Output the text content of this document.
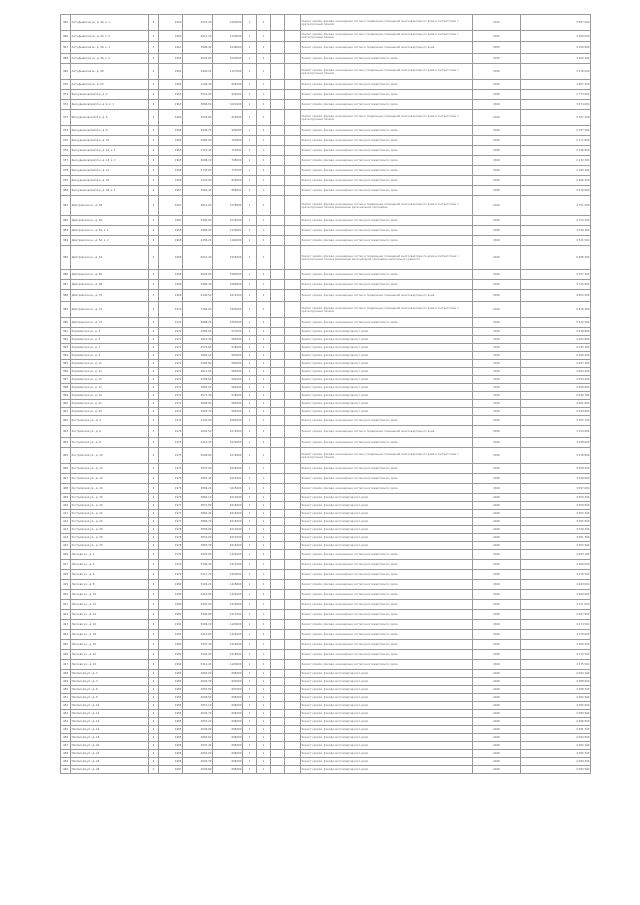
365	Алтуфьевское ш., д. 44, к. 1	2	1960	4507,20	1200000	1	1			Ремонт кровли, фасада, инженерных систем и подвальных помещений многоквартирного дома в соответствии с краткосрочным планом	2015	3 567 000
366	Алтуфьевское ш., д. 44, к. 2	2	1960	4411,10	1150000	1	1			Ремонт кровли, фасада, инженерных систем и подвальных помещений многоквартирного дома в соответствии с краткосрочным планом	2015	3 480 000
367	Алтуфьевское ш., д. 46, к. 1	2	1961	3998,40	1048000	1	1			Ремонт кровли, фасада, инженерных систем и подвальных помещений многоквартирного дома	2015	3 156 900
368	Алтуфьевское ш., д. 46, к. 2	2	1961	4002,60	1050000	1	1			Ремонт кровли, фасада, инженерных систем многоквартирного дома	2015	3 160 400
369	Алтуфьевское ш., д. 48	2	1962	4400,22	1157000	1	1			Ремонт кровли, фасада, инженерных систем и подвальных помещений многоквартирного дома в соответствии с краткосрочным планом	2016	3 476 000
370	Алтуфьевское ш., д. 50	2	1962	2109,30	554000	1	1			Ремонт кровли, фасада, инженерных систем многоквартирного дома	2016	1 667 300
371	Бескудниковский б-р, д. 2	2	1963	3510,00	921000	1	1			Ремонт кровли, фасада, инженерных систем многоквартирного дома	2016	2 773 000
372	Бескудниковский б-р, д. 4, к. 1	2	1963	3890,50	1021000	1	1			Ремонт кровли, фасада, инженерных систем многоквартирного дома	2016	3 074 600
373	Бескудниковский б-р, д. 6	2	1964	3502,80	919000	1	1			Ремонт кровли, фасада, инженерных систем и подвальных помещений многоквартирного дома в соответствии с краткосрочным планом	2016	2 767 200
374	Бескудниковский б-р, д. 8	2	1964	3540,70	929000	1	1			Ремонт кровли, фасада, инженерных систем многоквартирного дома	2016	2 797 500
375	Бескудниковский б-р, д. 10	2	1965	2680,00	703000	1	1			Ремонт кровли, фасада, инженерных систем многоквартирного дома	2016	2 117 800
376	Бескудниковский б-р, д. 12, к. 1	2	1965	2716,40	713000	1	1			Ремонт кровли, фасада, инженерных систем многоквартирного дома	2016	2 146 800
377	Бескудниковский б-р, д. 12, к. 2	2	1965	2698,10	708000	1	1			Ремонт кровли, фасада, инженерных систем многоквартирного дома	2016	2 132 300
378	Бескудниковский б-р, д. 14	2	1966	2733,60	717000	1	1			Ремонт кровли, фасада, инженерных систем многоквартирного дома	2016	2 160 400
379	Бескудниковский б-р, д. 16	2	1966	3120,90	819000	1	1			Ремонт кровли, фасада, инженерных систем многоквартирного дома	2016	2 466 300
380	Бескудниковский б-р, д. 18, к. 1	2	1967	3260,40	856000	1	1			Ремонт кровли, фасада, инженерных систем многоквартирного дома	2016	2 576 600
381	Дмитровское ш., д. 58	2	1967	6012,00	1578000	1	1			Ремонт кровли, фасада, инженерных систем и подвальных помещений многоквартирного дома в соответствии с краткосрочным планом реализации региональной программы	2016	4 751 000
382	Дмитровское ш., д. 60	2	1967	5990,60	1572000	1	1			Ремонт кровли, фасада, инженерных систем многоквартирного дома	2016	4 734 100
383	Дмитровское ш., д. 62, к. 1	2	1968	4480,00	1176000	1	1			Ремонт кровли, фасада, инженерных систем многоквартирного дома	2016	3 540 300
384	Дмитровское ш., д. 62, к. 2	2	1968	4456,20	1169000	1	1			Ремонт кровли, фасада, инженерных систем многоквартирного дома	2016	3 521 500
385	Дмитровское ш., д. 64	2	1968	8210,40	2155000	1	1			Ремонт кровли, фасада, инженерных систем и подвальных помещений многоквартирного дома в соответствии с краткосрочным планом реализации региональной программы капитального ремонта	2016	6 488 200
386	Дмитровское ш., д. 66	2	1969	6020,00	1580000	1	1			Ремонт кровли, фасада, инженерных систем многоквартирного дома	2016	4 757 300
387	Дмитровское ш., д. 68	2	1969	5980,30	1569000	1	1			Ремонт кровли, фасада, инженерных систем многоквартирного дома	2016	4 725 900
388	Дмитровское ш., д. 70	2	1969	6140,50	1611000	1	1			Ремонт кровли, фасада, инженерных систем и подвальных помещений многоквартирного дома	2016	4 852 500
389	Дмитровское ш., д. 72	2	1970	7360,00	1932000	1	1			Ремонт кровли, фасада, инженерных систем и подвальных помещений многоквартирного дома в соответствии с краткосрочным планом	2016	5 816 300
390	Дмитровское ш., д. 74	2	1970	6988,20	1834000	1	1			Ремонт кровли, фасада, инженерных систем многоквартирного дома	2016	5 522 500
391	Коровинское ш., д. 3	2	1970	2580,00	677000	1	1			Ремонт кровли, фасада многоквартирного дома	2016	2 038 800
392	Коровинское ш., д. 5	2	1971	2610,40	685000	1	1			Ремонт кровли, фасада многоквартирного дома	2016	2 062 800
393	Коровинское ш., д. 7	2	1971	2575,60	676000	1	1			Ремонт кровли, фасада многоквартирного дома	2016	2 035 300
394	Коровинское ш., д. 9	2	1971	2602,10	683000	1	1			Ремонт кровли, фасада многоквартирного дома	2016	2 056 200
395	Коровинское ш., д. 11	2	1972	2590,80	680000	1	1			Ремонт кровли, фасада многоквартирного дома	2016	2 047 300
396	Коровинское ш., д. 13	2	1972	2611,00	685000	1	1			Ремонт кровли, фасада многоквартирного дома	2016	2 063 200
397	Коровинское ш., д. 15	2	1972	2599,50	682000	1	1			Ремонт кровли, фасада многоквартирного дома	2016	2 054 200
398	Коровинское ш., д. 17	2	1973	2605,20	684000	1	1			Ремонт кровли, фасада многоквартирного дома	2016	2 058 600
399	Коровинское ш., д. 19	2	1973	2577,40	676000	1	1			Ремонт кровли, фасада многоквартирного дома	2016	2 036 700
400	Коровинское ш., д. 21	2	1973	2608,90	685000	1	1			Ремонт кровли, фасада многоквартирного дома	2016	2 061 600
401	Коровинское ш., д. 23	2	1974	2593,70	681000	1	1			Ремонт кровли, фасада многоквартирного дома	2016	2 049 600
402	Костромская ул., д. 4	2	1974	4120,00	1081000	1	1			Ремонт кровли, фасада, инженерных систем многоквартирного дома	2016	3 255 700
403	Костромская ул., д. 6	2	1974	4092,50	1074000	1	1			Ремонт кровли, фасада, инженерных систем и подвальных помещений многоквартирного дома	2016	3 234 000
404	Костромская ул., д. 8	2	1975	4110,30	1079000	1	1			Ремонт кровли, фасада, инженерных систем многоквартирного дома	2016	3 248 000
405	Костромская ул., д. 10	2	1975	4098,60	1076000	1	1			Ремонт кровли, фасада, инженерных систем и подвальных помещений многоквартирного дома в соответствии с краткосрочным планом	2016	3 238 800
406	Костромская ул., д. 12	2	1975	3870,00	1016000	1	1			Ремонт кровли, фасада, инженерных систем многоквартирного дома	2016	3 058 200
407	Костромская ул., д. 14	2	1976	3855,40	1012000	1	1			Ремонт кровли, фасада, инженерных систем многоквартирного дома	2016	3 046 600
408	Костромская ул., д. 16	2	1976	3869,20	1015000	1	1			Ремонт кровли, фасада, инженерных систем многоквартирного дома	2016	3 057 600
409	Костромская ул., д. 18	2	1976	3860,10	1013000	1	1			Ремонт кровли, фасада многоквартирного дома	2016	3 050 400
410	Костромская ул., д. 20	2	1977	3871,80	1016000	1	1			Ремонт кровли, фасада многоквартирного дома	2016	3 059 600
411	Костромская ул., д. 22	2	1977	3862,40	1014000	1	1			Ремонт кровли, фасада многоквартирного дома	2016	3 052 200
412	Костромская ул., д. 24	2	1977	3866,70	1015000	1	1			Ремонт кровли, фасада многоквартирного дома	2016	3 055 600
413	Костромская ул., д. 26	2	1978	3858,90	1013000	1	1			Ремонт кровли, фасада многоквартирного дома	2016	3 049 400
414	Костромская ул., д. 28	2	1978	3874,00	1017000	1	1			Ремонт кровли, фасада многоквартирного дома	2016	3 061 300
415	Костромская ул., д. 30	2	1978	3863,30	1014000	1	1			Ремонт кровли, фасада многоквартирного дома	2016	3 052 900
416	Лескова ул., д. 2	2	1979	5420,00	1422000	1	1			Ремонт кровли, фасада, инженерных систем многоквартирного дома	2016	4 283 100
417	Лескова ул., д. 4	2	1979	5398,40	1417000	1	1			Ремонт кровли, фасада, инженерных систем многоквартирного дома	2016	4 266 000
418	Лескова ул., д. 6	2	1979	5411,70	1420000	1	1			Ремонт кровли, фасада, инженерных систем многоквартирного дома	2016	4 276 500
419	Лескова ул., д. 8	2	1980	5402,20	1418000	1	1			Ремонт кровли, фасада, инженерных систем многоквартирного дома	2016	4 269 000
420	Лескова ул., д. 10	2	1980	5416,90	1422000	1	1			Ремонт кровли, фасада, инженерных систем многоквартирного дома	2016	4 280 600
421	Лескова ул., д. 12	2	1980	5405,50	1419000	1	1			Ремонт кровли, фасада, инженерных систем многоквартирного дома	2016	4 271 600
422	Лескова ул., д. 14	2	1981	5400,80	1417000	1	1			Ремонт кровли, фасада, инженерных систем многоквартирного дома	2016	4 267 900
423	Лескова ул., д. 16	2	1981	5409,10	1420000	1	1			Ремонт кровли, фасада, инженерных систем многоквартирного дома	2016	4 274 500
424	Лескова ул., д. 18	2	1981	5413,60	1421000	1	1			Ремонт кровли, фасада, инженерных систем многоквартирного дома	2016	4 278 000
425	Лескова ул., д. 20	2	1982	5397,30	1416000	1	1			Ремонт кровли, фасада, инженерных систем многоквартирного дома	2016	4 265 200
426	Лескова ул., д. 22	2	1982	5404,00	1418000	1	1			Ремонт кровли, фасада, инженерных систем многоквартирного дома	2016	4 270 500
427	Лескова ул., д. 24	2	1982	5410,40	1420000	1	1			Ремонт кровли, фасада, инженерных систем многоквартирного дома	2016	4 275 500
428	Пяловская ул., д. 2	2	1983	2650,00	695000	1	1			Ремонт кровли, фасада многоквартирного дома	2016	2 094 100
429	Пяловская ул., д. 4	2	1983	2642,30	693000	1	1			Ремонт кровли, фасада многоквартирного дома	2016	2 088 000
430	Пяловская ул., д. 6	2	1983	2655,80	697000	1	1			Ремонт кровли, фасада многоквартирного дома	2016	2 098 700
431	Пяловская ул., д. 8	2	1984	2648,50	695000	1	1			Ремонт кровли, фасада многоквартирного дома	2016	2 092 900
432	Пяловская ул., д. 10	2	1984	2651,10	696000	1	1			Ремонт кровли, фасада многоквартирного дома	2016	2 095 000
433	Пяловская ул., д. 12	2	1984	2644,70	694000	1	1			Ремонт кровли, фасада многоквартирного дома	2016	2 089 900
434	Пяловская ул., д. 14	2	1985	2653,20	696000	1	1			Ремонт кровли, фасада многоквартирного дома	2016	2 096 600
435	Пяловская ул., д. 16	2	1985	2646,90	695000	1	1			Ремонт кровли, фасада многоквартирного дома	2016	2 091 700
436	Пяловская ул., д. 18	2	1985	2650,60	696000	1	1			Ремонт кровли, фасада многоквартирного дома	2016	2 094 600
437	Пяловская ул., д. 20	2	1986	2647,40	695000	1	1			Ремонт кровли, фасада многоквартирного дома	2016	2 092 100
438	Пяловская ул., д. 22	2	1986	2652,00	696000	1	1			Ремонт кровли, фасада многоквартирного дома	2016	2 095 700
439	Пяловская ул., д. 24	2	1986	2645,30	694000	1	1			Ремонт кровли, фасада многоквартирного дома	2016	2 090 400
440	Пяловская ул., д. 26	2	1987	2649,80	695000	1	1			Ремонт кровли, фасада многоквартирного дома	2016	2 093 900
